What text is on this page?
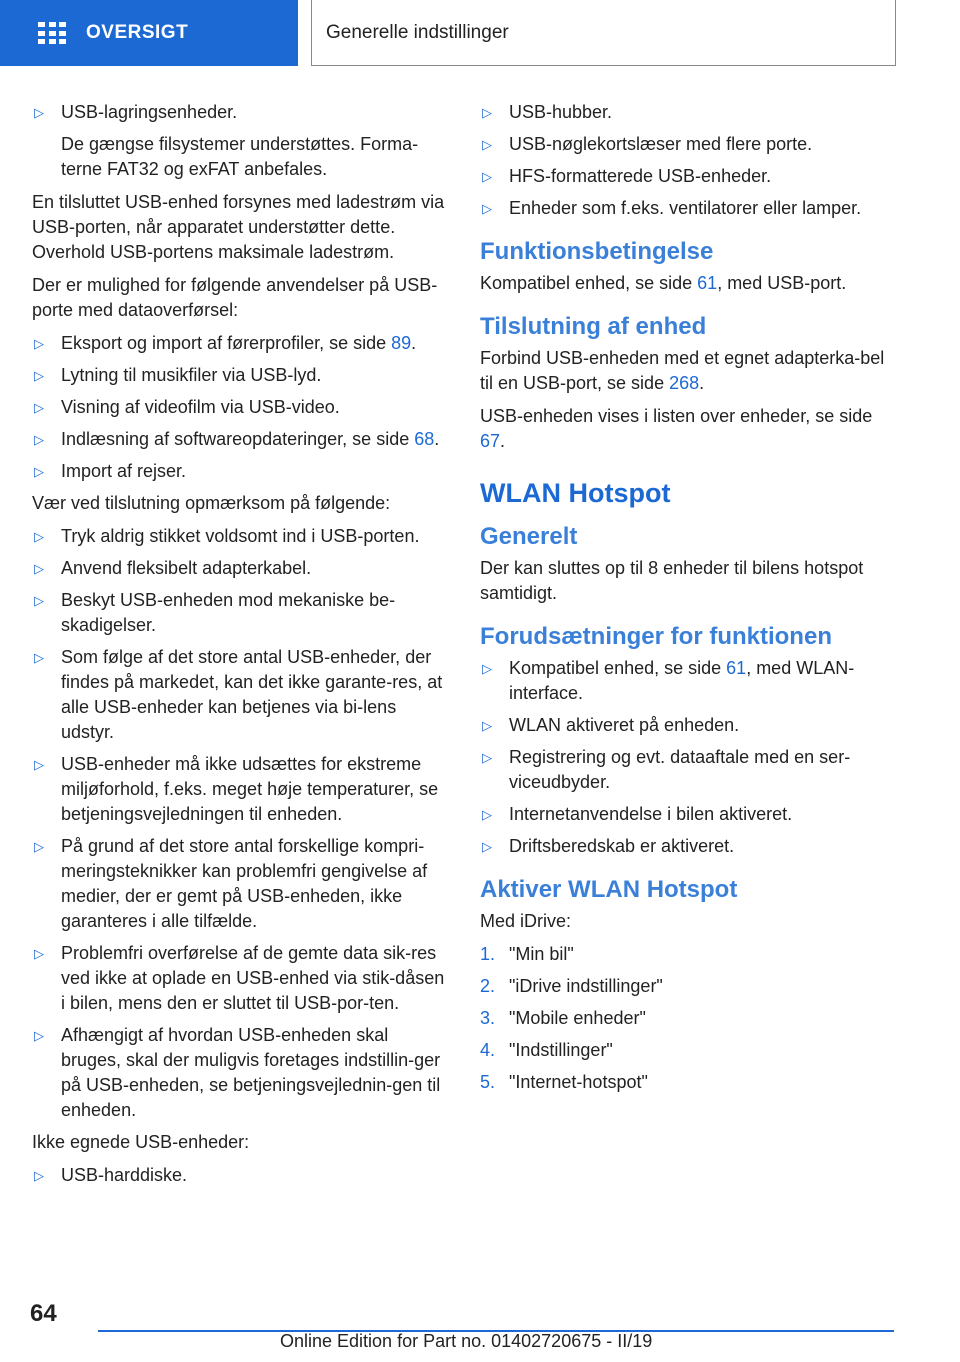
OVERSIGT	Generelle indstillinger
▷ USB-lagringsenheder.

De gængse filsystemer understøttes. Forma-terne FAT32 og exFAT anbefales.

En tilsluttet USB-enhed forsynes med ladestrøm via USB-porten, når apparatet understøtter dette. Overhold USB-portens maksimale ladestrøm.

Der er mulighed for følgende anvendelser på USB-porte med dataoverførsel:

▷ Eksport og import af førerprofiler, se side 89.
▷ Lytning til musikfiler via USB-lyd.
▷ Visning af videofilm via USB-video.
▷ Indlæsning af softwareopdateringer, se side 68.
▷ Import af rejser.

Vær ved tilslutning opmærksom på følgende:

▷ Tryk aldrig stikket voldsomt ind i USB-porten.
▷ Anvend fleksibelt adapterkabel.
▷ Beskyt USB-enheden mod mekaniske be-skadigelser.
▷ Som følge af det store antal USB-enheder, der findes på markedet, kan det ikke garante-res, at alle USB-enheder kan betjenes via bi-lens udstyr.
▷ USB-enheder må ikke udsættes for ekstreme miljøforhold, f.eks. meget høje temperaturer, se betjeningsvejledningen til enheden.
▷ På grund af det store antal forskellige kompri-meringsteknikker kan problemfri gengivelse af medier, der er gemt på USB-enheden, ikke garanteres i alle tilfælde.
▷ Problemfri overførelse af de gemte data sik-res ved ikke at oplade en USB-enhed via stik-dåsen i bilen, mens den er sluttet til USB-por-ten.
▷ Afhængigt af hvordan USB-enheden skal bruges, skal der muligvis foretages indstillin-ger på USB-enheden, se betjeningsvejlednin-gen til enheden.

Ikke egnede USB-enheder:

▷ USB-harddiske.
▷ USB-hubber.
▷ USB-nøglekortslæser med flere porte.
▷ HFS-formatterede USB-enheder.
▷ Enheder som f.eks. ventilatorer eller lamper.
Funktionsbetingelse

Kompatibel enhed, se side 61, med USB-port.

Tilslutning af enhed

Forbind USB-enheden med et egnet adapterka-bel til en USB-port, se side 268.

USB-enheden vises i listen over enheder, se side 67.

WLAN Hotspot
Generelt

Der kan sluttes op til 8 enheder til bilens hotspot samtidigt.

Forudsætninger for funktionen
▷ Kompatibel enhed, se side 61, med WLAN-interface.
▷ WLAN aktiveret på enheden.
▷ Registrering og evt. dataaftale med en ser-viceudbyder.
▷ Internetanvendelse i bilen aktiveret.
▷ Driftsberedskab er aktiveret.
Aktiver WLAN Hotspot

Med iDrive:

1. "Min bil"
2. "iDrive indstillinger"
3. "Mobile enheder"
4. "Indstillinger"
5. "Internet-hotspot"
64
Online Edition for Part no. 01402720675 - II/19
